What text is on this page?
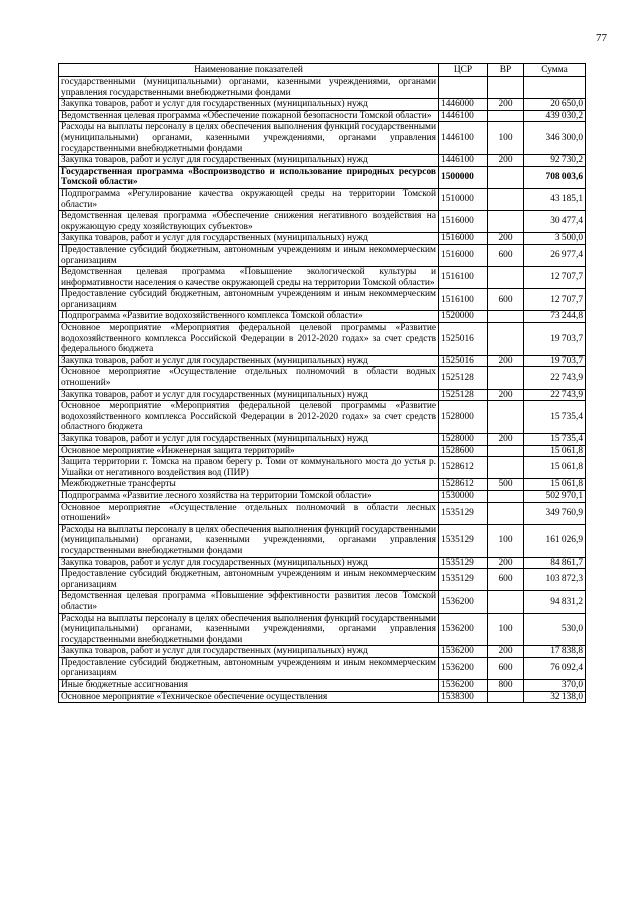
77
Наименование показателей	ЦСР	ВР	Сумма
государственными (муниципальными) органами, казенными учреждениями, органами управления государственными внебюджетными фондами			
Закупка товаров, работ и услуг для государственных (муниципальных) нужд	1446000	200	20 650,0
Ведомственная целевая программа «Обеспечение пожарной безопасности Томской области»	1446100		439 030,2
Расходы на выплаты персоналу в целях обеспечения выполнения функций государственными (муниципальными) органами, казенными учреждениями, органами управления государственными внебюджетными фондами	1446100	100	346 300,0
Закупка товаров, работ и услуг для государственных (муниципальных) нужд	1446100	200	92 730,2
Государственная программа «Воспроизводство и использование природных ресурсов Томской области»	1500000		708 003,6
Подпрограмма «Регулирование качества окружающей среды на территории Томской области»	1510000		43 185,1
Ведомственная целевая программа «Обеспечение снижения негативного воздействия на окружающую среду хозяйствующих субъектов»	1516000		30 477,4
Закупка товаров, работ и услуг для государственных (муниципальных) нужд	1516000	200	3 500,0
Предоставление субсидий бюджетным, автономным учреждениям и иным некоммерческим организациям	1516000	600	26 977,4
Ведомственная целевая программа «Повышение экологической культуры и информативности населения о качестве окружающей среды на территории Томской области»	1516100		12 707,7
Предоставление субсидий бюджетным, автономным учреждениям и иным некоммерческим организациям	1516100	600	12 707,7
Подпрограмма «Развитие водохозяйственного комплекса Томской области»	1520000		73 244,8
Основное мероприятие «Мероприятия федеральной целевой программы «Развитие водохозяйственного комплекса Российской Федерации в 2012-2020 годах» за счет средств федерального бюджета	1525016		19 703,7
Закупка товаров, работ и услуг для государственных (муниципальных) нужд	1525016	200	19 703,7
Основное мероприятие «Осуществление отдельных полномочий в области водных отношений»	1525128		22 743,9
Закупка товаров, работ и услуг для государственных (муниципальных) нужд	1525128	200	22 743,9
Основное мероприятие «Мероприятия федеральной целевой программы «Развитие водохозяйственного комплекса Российской Федерации в 2012-2020 годах» за счет средств областного бюджета	1528000		15 735,4
Закупка товаров, работ и услуг для государственных (муниципальных) нужд	1528000	200	15 735,4
Основное мероприятие «Инженерная защита территорий»	1528600		15 061,8
Защита территории г. Томска на правом берегу р. Томи от коммунального моста до устья р. Ушайки от негативного воздействия вод (ПИР)	1528612		15 061,8
Межбюджетные трансферты	1528612	500	15 061,8
Подпрограмма «Развитие лесного хозяйства на территории Томской области»	1530000		502 970,1
Основное мероприятие «Осуществление отдельных полномочий в области лесных отношений»	1535129		349 760,9
Расходы на выплаты персоналу в целях обеспечения выполнения функций государственными (муниципальными) органами, казенными учреждениями, органами управления государственными внебюджетными фондами	1535129	100	161 026,9
Закупка товаров, работ и услуг для государственных (муниципальных) нужд	1535129	200	84 861,7
Предоставление субсидий бюджетным, автономным учреждениям и иным некоммерческим организациям	1535129	600	103 872,3
Ведомственная целевая программа «Повышение эффективности развития лесов Томской области»	1536200		94 831,2
Расходы на выплаты персоналу в целях обеспечения выполнения функций государственными (муниципальными) органами, казенными учреждениями, органами управления государственными внебюджетными фондами	1536200	100	530,0
Закупка товаров, работ и услуг для государственных (муниципальных) нужд	1536200	200	17 838,8
Предоставление субсидий бюджетным, автономным учреждениям и иным некоммерческим организациям	1536200	600	76 092,4
Иные бюджетные ассигнования	1536200	800	370,0
Основное мероприятие «Техническое обеспечение осуществления	1538300		32 138,0
